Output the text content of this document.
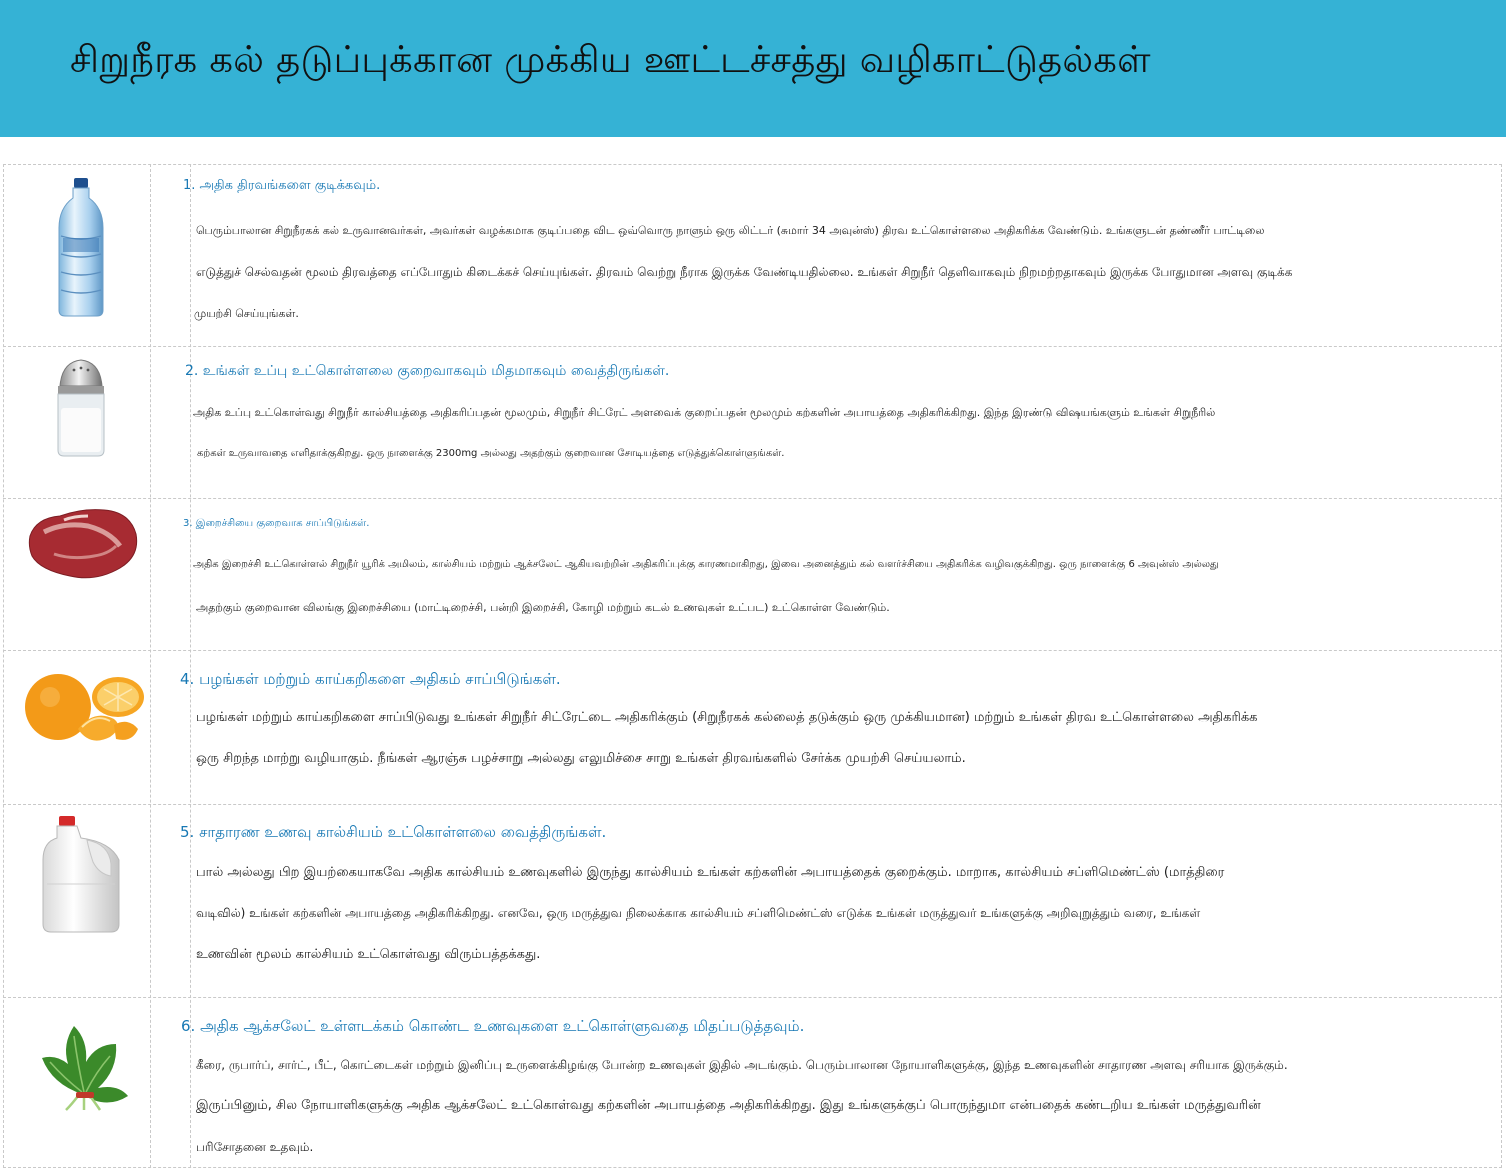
சிறுநீரக கல் தடுப்புக்கான முக்கிய ஊட்டச்சத்து வழிகாட்டுதல்கள்
1. அதிக திரவங்களை குடிக்கவும்.
பெரும்பாலான சிறுநீரகக் கல் உருவானவர்கள், அவர்கள் வழக்கமாக குடிப்பதை விட ஒவ்வொரு நாளும் ஒரு லிட்டர் (சுமார் 34 அவுன்ஸ்) திரவ உட்கொள்ளலை அதிகரிக்க வேண்டும். உங்களுடன் தண்ணீர் பாட்டிலை
எடுத்துச் செல்வதன் மூலம் திரவத்தை எப்போதும் கிடைக்கச் செய்யுங்கள். திரவம் வெற்று நீராக இருக்க வேண்டியதில்லை. உங்கள் சிறுநீர் தெளிவாகவும் நிறமற்றதாகவும் இருக்க போதுமான அளவு குடிக்க
முயற்சி செய்யுங்கள்.
2. உங்கள் உப்பு உட்கொள்ளலை குறைவாகவும் மிதமாகவும் வைத்திருங்கள்.
அதிக உப்பு உட்கொள்வது சிறுநீர் கால்சியத்தை அதிகரிப்பதன் மூலமும், சிறுநீர் சிட்ரேட் அளவைக் குறைப்பதன் மூலமும் கற்களின் அபாயத்தை அதிகரிக்கிறது. இந்த இரண்டு விஷயங்களும் உங்கள் சிறுநீரில்
கற்கள் உருவாவதை எளிதாக்குகிறது. ஒரு நாளைக்கு 2300mg அல்லது அதற்கும் குறைவான சோடியத்தை எடுத்துக்கொள்ளுங்கள்.
3. இறைச்சியை குறைவாக சாப்பிடுங்கள்.
அதிக இறைச்சி உட்கொள்ளல் சிறுநீர் யூரிக் அமிலம், கால்சியம் மற்றும் ஆக்சலேட் ஆகியவற்றின் அதிகரிப்புக்கு காரணமாகிறது, இவை அனைத்தும் கல் வளர்ச்சியை அதிகரிக்க வழிவகுக்கிறது. ஒரு நாளைக்கு 6 அவுன்ஸ் அல்லது
அதற்கும் குறைவான விலங்கு இறைச்சியை (மாட்டிறைச்சி, பன்றி இறைச்சி, கோழி மற்றும் கடல் உணவுகள் உட்பட) உட்கொள்ள வேண்டும்.
4. பழங்கள் மற்றும் காய்கறிகளை அதிகம் சாப்பிடுங்கள்.
பழங்கள் மற்றும் காய்கறிகளை சாப்பிடுவது உங்கள் சிறுநீர் சிட்ரேட்டை அதிகரிக்கும் (சிறுநீரகக் கல்லைத் தடுக்கும் ஒரு முக்கியமான) மற்றும் உங்கள் திரவ உட்கொள்ளலை அதிகரிக்க
ஒரு சிறந்த மாற்று வழியாகும். நீங்கள் ஆரஞ்சு பழச்சாறு அல்லது எலுமிச்சை சாறு உங்கள் திரவங்களில் சேர்க்க முயற்சி செய்யலாம்.
5. சாதாரண உணவு கால்சியம் உட்கொள்ளலை வைத்திருங்கள்.
பால் அல்லது பிற இயற்கையாகவே அதிக கால்சியம் உணவுகளில் இருந்து கால்சியம் உங்கள் கற்களின் அபாயத்தைக் குறைக்கும். மாறாக, கால்சியம் சப்ளிமெண்ட்ஸ் (மாத்திரை
வடிவில்) உங்கள் கற்களின் அபாயத்தை அதிகரிக்கிறது. எனவே, ஒரு மருத்துவ நிலைக்காக கால்சியம் சப்ளிமெண்ட்ஸ் எடுக்க உங்கள் மருத்துவர் உங்களுக்கு அறிவுறுத்தும் வரை, உங்கள்
உணவின் மூலம் கால்சியம் உட்கொள்வது விரும்பத்தக்கது.
6. அதிக ஆக்சலேட் உள்ளடக்கம் கொண்ட உணவுகளை உட்கொள்ளுவதை மிதப்படுத்தவும்.
கீரை, ருபார்ப், சார்ட், பீட், கொட்டைகள் மற்றும் இனிப்பு உருளைக்கிழங்கு போன்ற உணவுகள் இதில் அடங்கும். பெரும்பாலான நோயாளிகளுக்கு, இந்த உணவுகளின் சாதாரண அளவு சரியாக இருக்கும்.
இருப்பினும், சில நோயாளிகளுக்கு அதிக ஆக்சலேட் உட்கொள்வது கற்களின் அபாயத்தை அதிகரிக்கிறது. இது உங்களுக்குப் பொருந்துமா என்பதைக் கண்டறிய உங்கள் மருத்துவரின்
பரிசோதனை உதவும்.
